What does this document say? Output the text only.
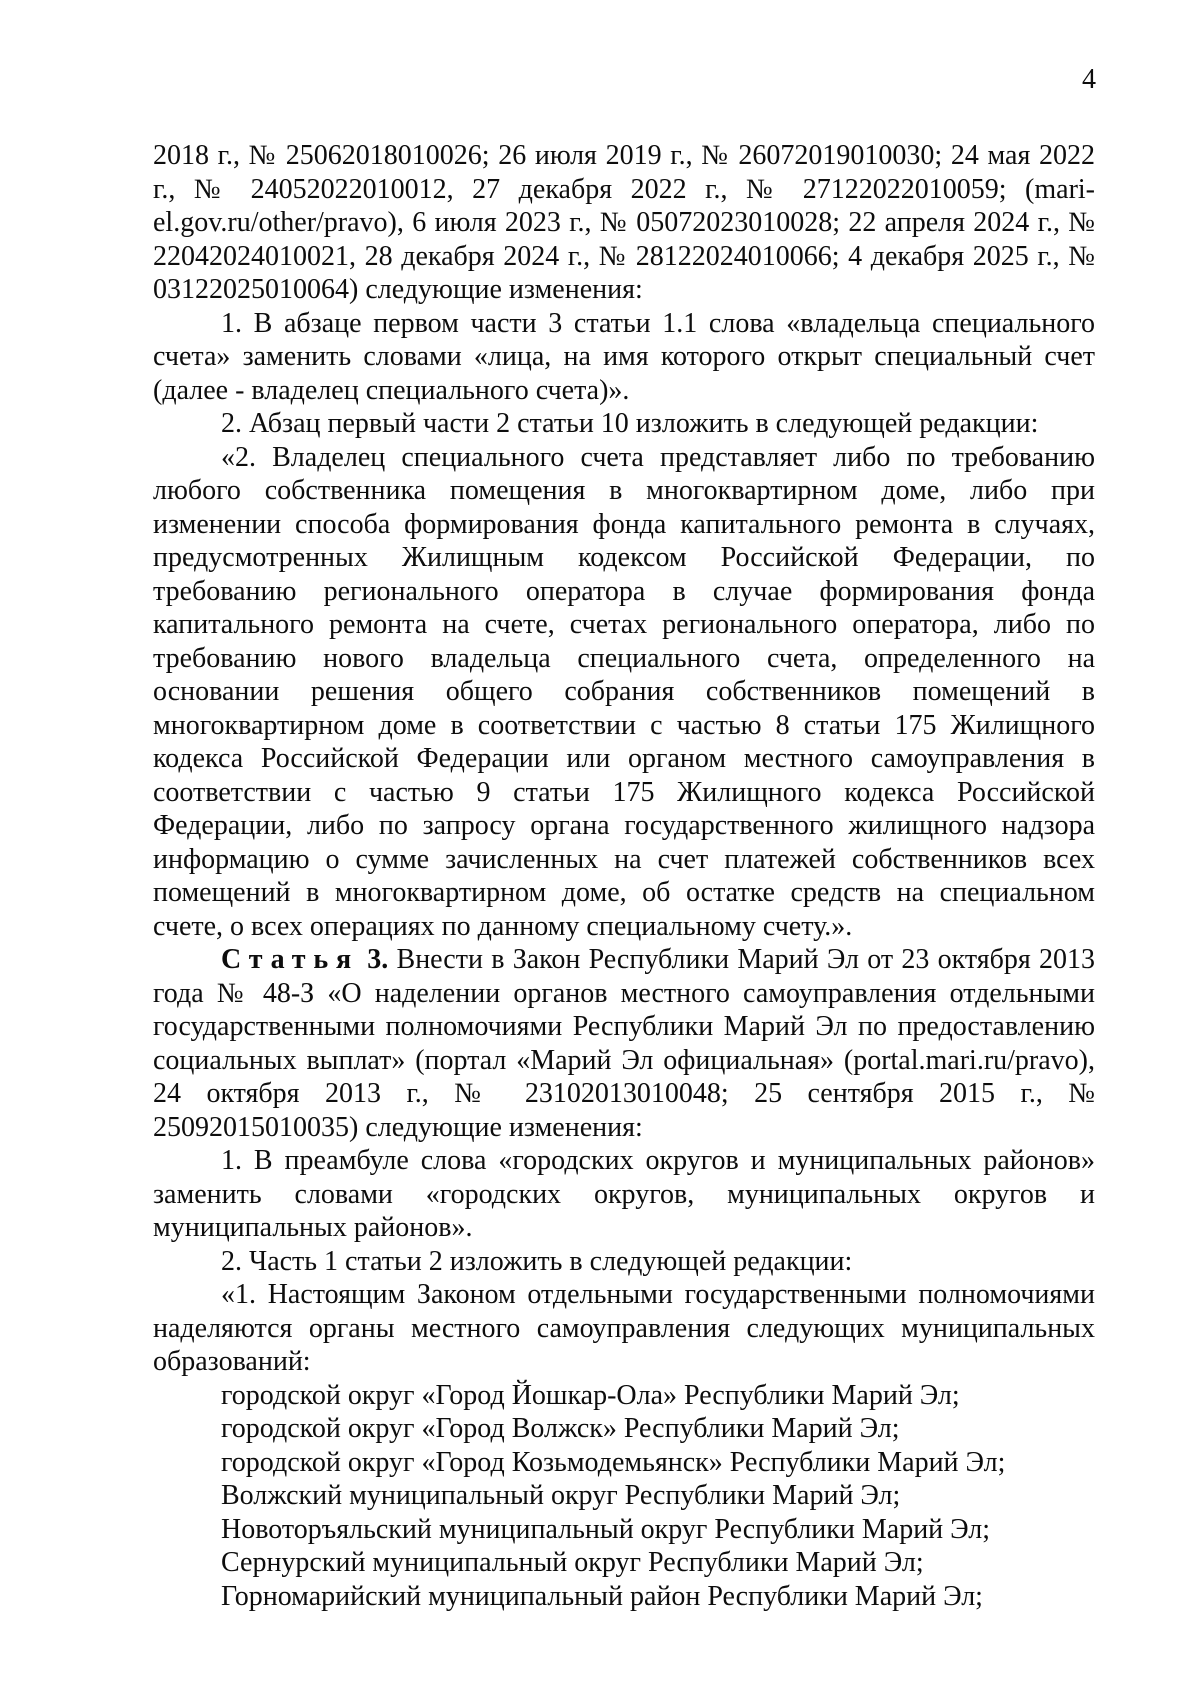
4

2018 г., № 25062018010026; 26 июля 2019 г., № 26072019010030; 24 мая 2022 г., № 24052022010012, 27 декабря 2022 г., № 27122022010059; (mari-el.gov.ru/other/pravo), 6 июля 2023 г., № 05072023010028; 22 апреля 2024 г., № 22042024010021, 28 декабря 2024 г., № 28122024010066; 4 декабря 2025 г., № 03122025010064) следующие изменения:

1. В абзаце первом части 3 статьи 1.1 слова «владельца специального счета» заменить словами «лица, на имя которого открыт специальный счет (далее - владелец специального счета)».

2. Абзац первый части 2 статьи 10 изложить в следующей редакции:

«2. Владелец специального счета представляет либо по требованию любого собственника помещения в многоквартирном доме, либо при изменении способа формирования фонда капитального ремонта в случаях, предусмотренных Жилищным кодексом Российской Федерации, по требованию регионального оператора в случае формирования фонда капитального ремонта на счете, счетах регионального оператора, либо по требованию нового владельца специального счета, определенного на основании решения общего собрания собственников помещений в многоквартирном доме в соответствии с частью 8 статьи 175 Жилищного кодекса Российской Федерации или органом местного самоуправления в соответствии с частью 9 статьи 175 Жилищного кодекса Российской Федерации, либо по запросу органа государственного жилищного надзора информацию о сумме зачисленных на счет платежей собственников всех помещений в многоквартирном доме, об остатке средств на специальном счете, о всех операциях по данному специальному счету.».

Статья 3. Внести в Закон Республики Марий Эл от 23 октября 2013 года № 48-З «О наделении органов местного самоуправления отдельными государственными полномочиями Республики Марий Эл по предоставлению социальных выплат» (портал «Марий Эл официальная» (portal.mari.ru/pravo), 24 октября 2013 г., № 23102013010048; 25 сентября 2015 г., № 25092015010035) следующие изменения:

1. В преамбуле слова «городских округов и муниципальных районов» заменить словами «городских округов, муниципальных округов и муниципальных районов».

2. Часть 1 статьи 2 изложить в следующей редакции:

«1. Настоящим Законом отдельными государственными полномочиями наделяются органы местного самоуправления следующих муниципальных образований:

городской округ «Город Йошкар-Ола» Республики Марий Эл;

городской округ «Город Волжск» Республики Марий Эл;

городской округ «Город Козьмодемьянск» Республики Марий Эл;

Волжский муниципальный округ Республики Марий Эл;

Новоторъяльский муниципальный округ Республики Марий Эл;

Сернурский муниципальный округ Республики Марий Эл;

Горномарийский муниципальный район Республики Марий Эл;
